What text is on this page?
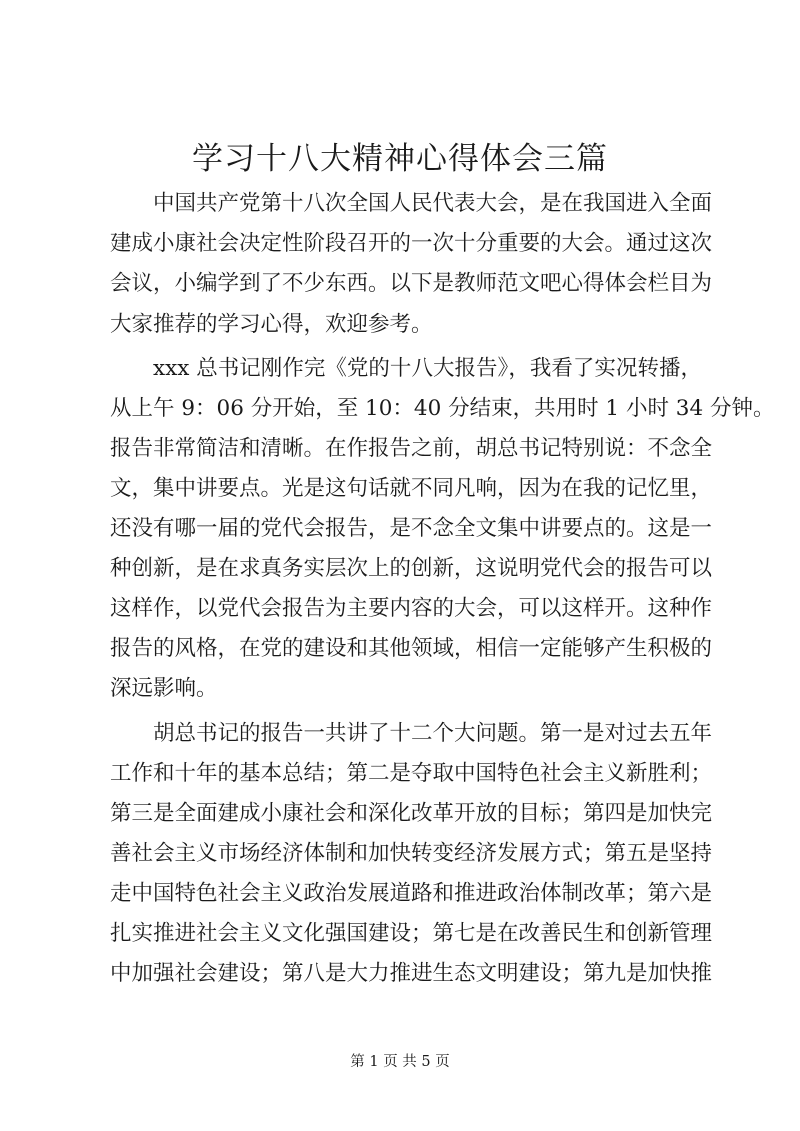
学习十八大精神心得体会三篇

中国共产党第十八次全国人民代表大会，是在我国进入全面

建成小康社会决定性阶段召开的一次十分重要的大会。通过这次

会议，小编学到了不少东西。以下是教师范文吧心得体会栏目为

大家推荐的学习心得，欢迎参考。

xxx 总书记刚作完《党的十八大报告》，我看了实况转播，

从上午 9：06 分开始，至 10：40 分结束，共用时 1 小时 34 分钟。

报告非常简洁和清晰。在作报告之前，胡总书记特别说：不念全

文，集中讲要点。光是这句话就不同凡响，因为在我的记忆里，

还没有哪一届的党代会报告，是不念全文集中讲要点的。这是一

种创新，是在求真务实层次上的创新，这说明党代会的报告可以

这样作，以党代会报告为主要内容的大会，可以这样开。这种作

报告的风格，在党的建设和其他领域，相信一定能够产生积极的

深远影响。

胡总书记的报告一共讲了十二个大问题。第一是对过去五年

工作和十年的基本总结；第二是夺取中国特色社会主义新胜利；

第三是全面建成小康社会和深化改革开放的目标；第四是加快完

善社会主义市场经济体制和加快转变经济发展方式；第五是坚持

走中国特色社会主义政治发展道路和推进政治体制改革；第六是

扎实推进社会主义文化强国建设；第七是在改善民生和创新管理

中加强社会建设；第八是大力推进生态文明建设；第九是加快推

第 1 页 共 5 页
